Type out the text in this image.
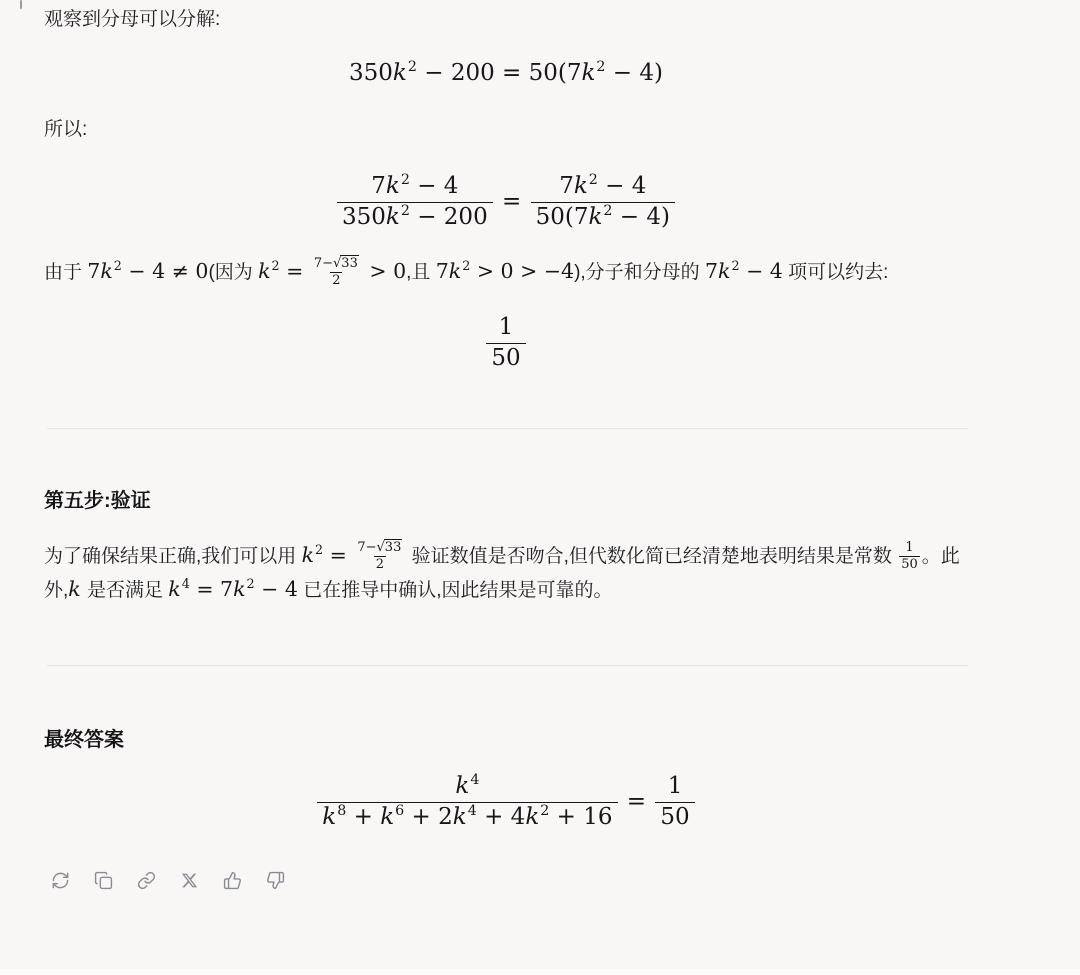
观察到分母可以分解:

$350k^2 - 200 = 50(7k^2 - 4)$

所以:

$\frac{7k^2 - 4}{350k^2 - 200} = \frac{7k^2 - 4}{50(7k^2 - 4)}$

由于 $7k^2 - 4 \ne 0$(因为 $k^2 = \frac{7-√33}{2} > 0$,且 $7k^2 > 0 > -4$),分子和分母的 $7k^2 - 4$ 项可以约去:

$\frac{1}{50}$
第五步:验证

为了确保结果正确,我们可以用 $k^2 = \frac{7-√33}{2}$ 验证数值是否吻合,但代数化简已经清楚地表明结果是常数 $\frac{1}{50}$ 。此外,k 是否满足 $k^4 = 7k^2 - 4$ 已在推导中确认,因此结果是可靠的。

最终答案
$\frac{k^4}{k^8 + k^6 + 2k^4 + 4k^2 + 16} = \frac{1}{50}$
